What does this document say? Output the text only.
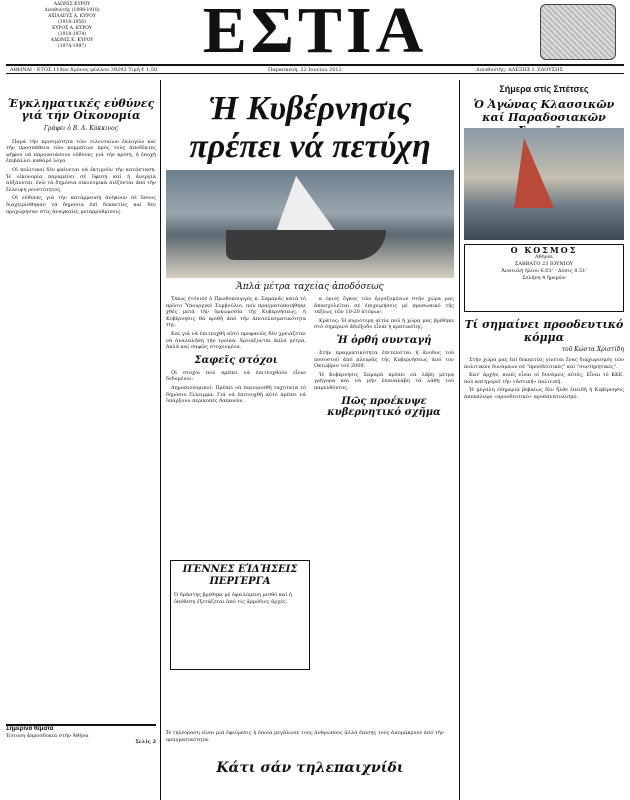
ΑΔΩΝΙΣ ΚΥΡΟΥ
Διευθυντής (1898-1918)
ΑΧΙΛΛΕΥΣ Α. ΚΥΡΟΥ
(1918-1950)
ΚΥΡΟΣ Α. ΚΥΡΟΥ
(1918-1974)
ΑΔΩΝΙΣ Κ. ΚΥΡΟΥ
(1974-1997)	ΕΣΤΙΑ
ΑΘΗΝΑΙ - ΕΤΟΣ 119ον Χρόνος φύλλον 39292 Τιμή € 1,50	Παρασκευή, 22 Ιουνίου 2012	Διευθυντής: ΑΛΕΞΗΣ Ι. ΖΑΟΥΣΗΣ
Έγκληματικές εὐθύνες γιά τήν Οἰκονομία
Γράφει ὁ Β. Α. Κόκκινος

Παρά τήν κρισιμότητα τῶν τελευταίων ἐκλογῶν καί τήν προσπάθεια τῶν κομμάτων πρός τούς ἀποδέκτες ψήφου νά παρουσιάσουν εὐθύνες γιά τήν κρίση, ἡ ἐποχή ἐπιβάλλει καθαρό λόγο.

Οἱ πολιτικοί δέν φαίνεται νά ἐκτιμοῦν τήν κατάσταση. Ἡ οἰκονομία παραμένει σέ ὕφεση καί ἡ ἀνεργία αὐξάνεται, ἐνῶ τά δημόσια οἰκονομικά πιέζονται ἀπό τήν ἔλλειψη ρευστότητος.

Οἱ εὐθύνες γιά τήν κατάρρευση ἀνήκουν σέ ὅσους διαχειρίσθηκαν τά δημόσια ἐπί δεκαετίες καί δέν προχώρησαν στίς ἀναγκαῖες μεταρρυθμίσεις.

Ἡ Κυβέρνησις πρέπει νά πετύχη
Ἁπλά μέτρα ταχείας ἀποδόσεως

Ὅπως ἐτόνισε ὁ Πρωθυπουργός κ. Σαμαρᾶς κατά τό πρῶτο Ὑπουργικό Συμβούλιο, ποῦ πραγματοποιήθηκε χθές μετά τήν ὁρκωμοσία τῆς Κυβερνήσεως, ἡ Κυβέρνησις θά κριθῆ ἀπό τήν ἀποτελεσματικότητα της.

Καί γιά νά ἐπιτευχθῆ αὐτό προφανῶς δέν χρειάζεται νά ἀναλαλήσῃ τήν τροϊκα. Χρειάζονται ἁπλά μέτρα, ἁπλά καί σαφῶς στοχευμένα.

Σαφεῖς στόχοι

Οἱ στόχοι ποῦ πρέπει νά ἐπιτευχθοῦν εἶναι δεδομένοι:

Δημοσιονομικοί: Πρέπει νά περιορισθῆ ταχύτατα τό δημόσιο ἔλλειμμα. Γιά νά ἐπιτευχθῆ αὐτό πρέπει νά ὑπάρξουν περικοπές δαπανῶν.

κ ύριος ὄγκος τῶν ἐργαζομένων στήν χώρα μας ἀπασχολεῖται σέ ἐπιχειρήσεις μέ προσωπικό τῆς τάξεως τῶν 10-20 ἀτόμων.

Κράτος: Ἡ κυριότερη αἰτία ποῦ ἡ χώρα μας βρέθηκε στό σημερινό ἀδιέξοδο εἶναι ἡ κρατικότης.

Ἡ ὀρθή συνταγή

Στήν πραγματικότητα ἐπιτελεῖται ἡ ἄνοδος τοῦ ποσοστοῦ ἀπό πλευρᾶς τῆς Κυβερνήσεως ἀπό τόν Οκτώβριο τοῦ 2009.

Ἡ Κυβέρνησις Σαμαρᾶ πρέπει νά λάβη μέτρα γρήγορα καί νά μήν ἐπαναλάβη τά λάθη τοῦ παρελθόντος.

Πῶς προέκυψε κυβερνητικό σχῆμα
ΠΈΝΝΕΣ ΕἸΔΉΣΕΙΣ ΠΕΡΙΈΡΓΑ
Ὁ δράστης βρέθηκε μέ ὀφειλόμενη μισθό καί ἡ ὑπόθεση ἐξετάζεται ἀπό τίς ἁρμόδιες ἀρχές.
Σήμερα στίς Σπέτσες
Ὁ Ἀγώνας Κλασσικῶν καί Παραδοσιακῶν
Ο ΚΟΣΜΟΣ
Αθηναι
ΣΑΒΒΑΤΟ 23 ΙΟΥΝΙΟΥ
Ἀνατολή ἡλίου 6.03' - Δύσις 8.51'
Σελήνη 4 ἡμερῶν
Τί σημαίνει προοδευτικό κόμμα
τοῦ Κώστα Χριστίδη

Στήν χώρα μας ἐπί δεκαετίες γίνεται ἔνας διαχωρισμός τῶν πολιτικῶν δυνάμεων σέ "προοδευτικές" καί "συντηρητικές".

Κατ' ἀρχήν, ποιές εἶναι οἱ δυνάμεις αὐτές; Εἶναι τό ΚΚΕ, πού κατηγορεῖ τήν «ἀστική» πολιτική.

Ἡ μεγάλη εὐημερία βεβαίως δέν ἦλθε ἐπειδή ἡ Κυβέρνησις ἀπεκάλυψε «προοδευτικό» προσανατολισμό.

Σημερινά θέματα
Ἐντονη ἀπροσδοκία στήν Ἀθήνα
Σελίς 2
Ἡ τηλεόραση εἶναι μιά ἐφεύρεσις ἡ ὁποία μεγάλωσε τούς ἀνθρώπους ἀλλά ἐπίσης τούς ἀπομάκρυνε ἀπό τήν πραγματικότητα.
Κάτι σάν τηλεπαιχνίδι
